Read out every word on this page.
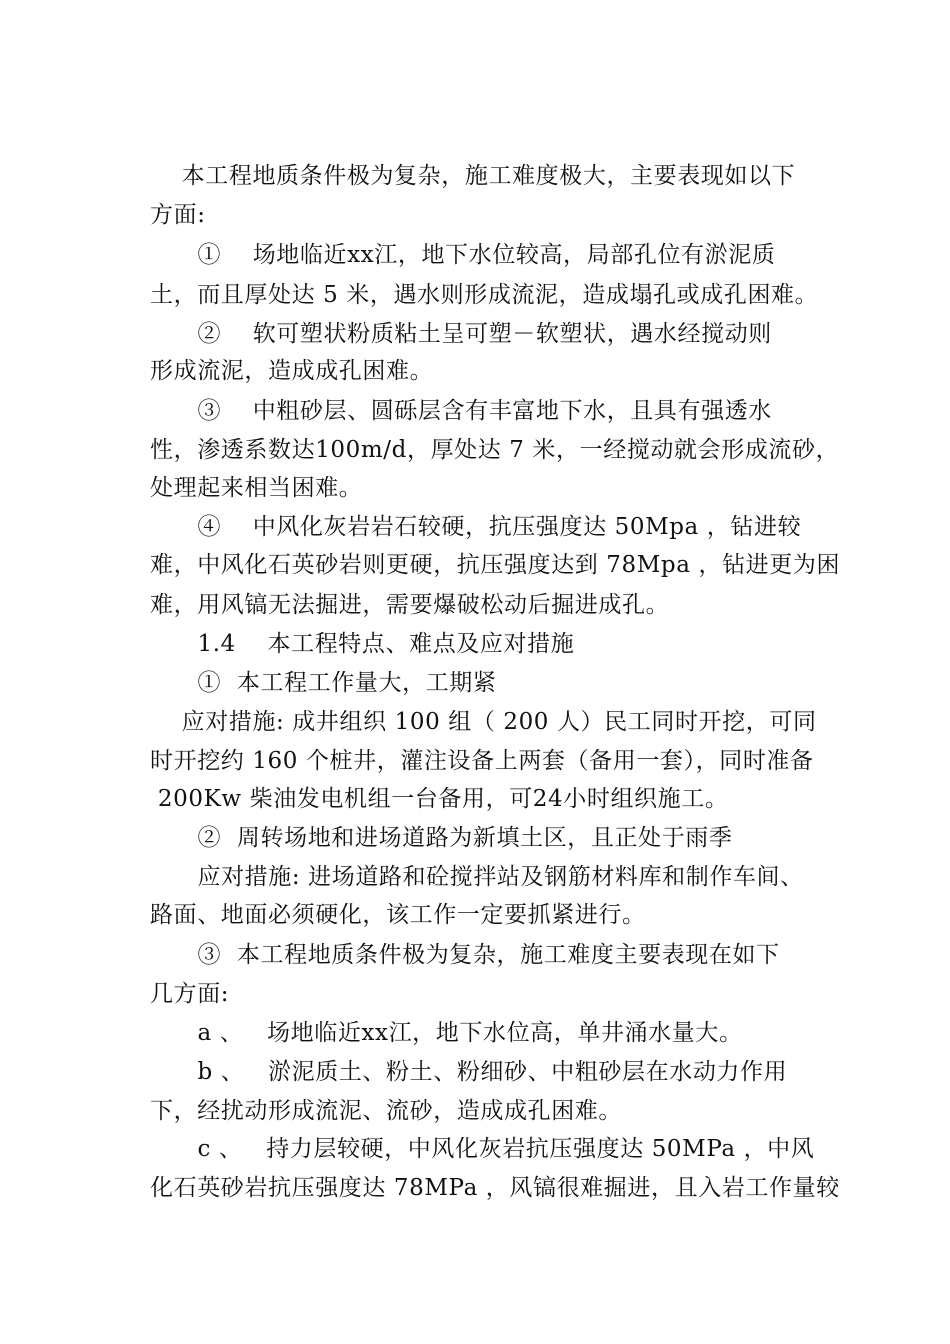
本工程地质条件极为复杂，施工难度极大，主要表现如以下
方面:
①    场地临近xx江，地下水位较高，局部孔位有淤泥质
土，而且厚处达 5 米，遇水则形成流泥，造成塌孔或成孔困难。
②    软可塑状粉质粘土呈可塑－软塑状，遇水经搅动则
形成流泥，造成成孔困难。
③    中粗砂层、圆砾层含有丰富地下水，且具有强透水
性，渗透系数达100m/d，厚处达 7 米，一经搅动就会形成流砂，
处理起来相当困难。
④    中风化灰岩岩石较硬，抗压强度达 50Mpa ，钻进较
难，中风化石英砂岩则更硬，抗压强度达到 78Mpa ，钻进更为困
难，用风镐无法掘进，需要爆破松动后掘进成孔。
1.4    本工程特点、难点及应对措施
①  本工程工作量大，工期紧
应对措施: 成井组织 100 组（ 200 人）民工同时开挖，可同
时开挖约 160 个桩井，灌注设备上两套（备用一套），同时准备
200Kw 柴油发电机组一台备用，可24小时组织施工。
②  周转场地和进场道路为新填土区，且正处于雨季
应对措施: 进场道路和砼搅拌站及钢筋材料库和制作车间、
路面、地面必须硬化，该工作一定要抓紧进行。
③  本工程地质条件极为复杂，施工难度主要表现在如下
几方面:
a 、   场地临近xx江，地下水位高，单井涌水量大。
b 、   淤泥质土、粉土、粉细砂、中粗砂层在水动力作用
下，经扰动形成流泥、流砂，造成成孔困难。
c 、   持力层较硬，中风化灰岩抗压强度达 50MPa ，中风
化石英砂岩抗压强度达 78MPa ，风镐很难掘进，且入岩工作量较
